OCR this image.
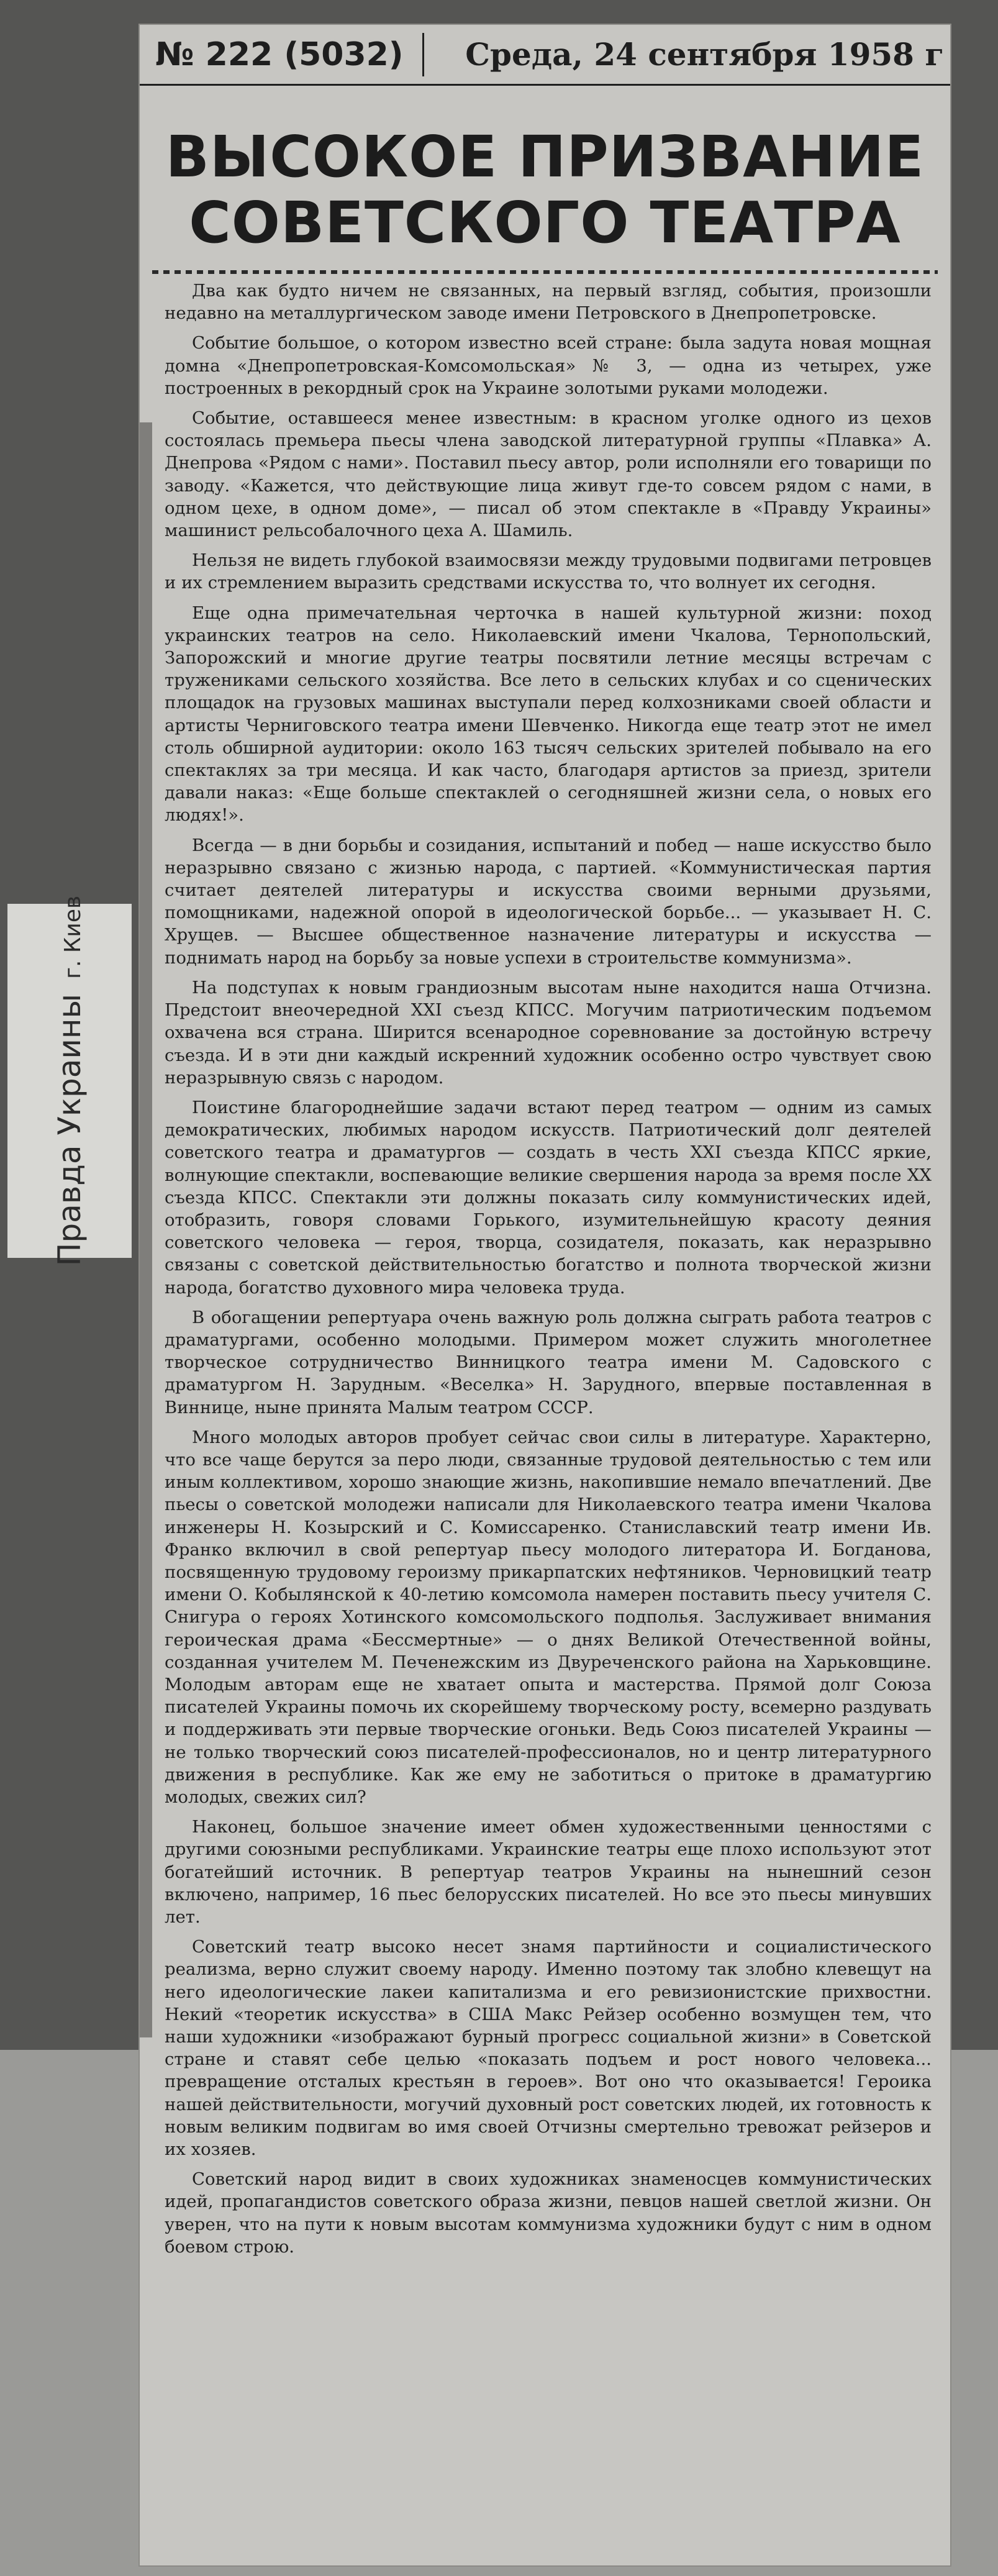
Правда Украиныг. Киев
№ 222 (5032) Среда, 24 сентября 1958 г
ВЫСОКОЕ ПРИЗВАНИЕ
СОВЕТСКОГО ТЕАТРА

Два как будто ничем не связанных, на первый взгляд, события, произошли недавно на металлургическом заводе имени Петровского в Днепропетровске.

Событие большое, о котором известно всей стране: была задута новая мощная домна «Днепропетровская-Комсомольская» № 3, — одна из четырех, уже построенных в рекордный срок на Украине золотыми руками молодежи.

Событие, оставшееся менее известным: в красном уголке одного из цехов состоялась премьера пьесы члена заводской литературной группы «Плавка» А. Днепрова «Рядом с нами». Поставил пьесу автор, роли исполняли его товарищи по заводу. «Кажется, что действующие лица живут где-то совсем рядом с нами, в одном цехе, в одном доме», — писал об этом спектакле в «Правду Украины» машинист рельсобалочного цеха А. Шамиль.

Нельзя не видеть глубокой взаимосвязи между трудовыми подвигами петровцев и их стремлением выразить средствами искусства то, что волнует их сегодня.

Еще одна примечательная черточка в нашей культурной жизни: поход украинских театров на село. Николаевский имени Чкалова, Тернопольский, Запорожский и многие другие театры посвятили летние месяцы встречам с тружениками сельского хозяйства. Все лето в сельских клубах и со сценических площадок на грузовых машинах выступали перед колхозниками своей области и артисты Черниговского театра имени Шевченко. Никогда еще театр этот не имел столь обширной аудитории: около 163 тысяч сельских зрителей побывало на его спектаклях за три месяца. И как часто, благодаря артистов за приезд, зрители давали наказ: «Еще больше спектаклей о сегодняшней жизни села, о новых его людях!».

Всегда — в дни борьбы и созидания, испытаний и побед — наше искусство было неразрывно связано с жизнью народа, с партией. «Коммунистическая партия считает деятелей литературы и искусства своими верными друзьями, помощниками, надежной опорой в идеологической борьбе... — указывает Н. С. Хрущев. — Высшее общественное назначение литературы и искусства — поднимать народ на борьбу за новые успехи в строительстве коммунизма».

На подступах к новым грандиозным высотам ныне находится наша Отчизна. Предстоит внеочередной XXI съезд КПСС. Могучим патриотическим подъемом охвачена вся страна. Ширится всенародное соревнование за достойную встречу съезда. И в эти дни каждый искренний художник особенно остро чувствует свою неразрывную связь с народом.

Поистине благороднейшие задачи встают перед театром — одним из самых демократических, любимых народом искусств. Патриотический долг деятелей советского театра и драматургов — создать в честь XXI съезда КПСС яркие, волнующие спектакли, воспевающие великие свершения народа за время после XX съезда КПСС. Спектакли эти должны показать силу коммунистических идей, отобразить, говоря словами Горького, изумительнейшую красоту деяния советского человека — героя, творца, созидателя, показать, как неразрывно связаны с советской действительностью богатство и полнота творческой жизни народа, богатство духовного мира человека труда.

В обогащении репертуара очень важную роль должна сыграть работа театров с драматургами, особенно молодыми. Примером может служить многолетнее творческое сотрудничество Винницкого театра имени М. Садовского с драматургом Н. Зарудным. «Веселка» Н. Зарудного, впервые поставленная в Виннице, ныне принята Малым театром СССР.

Много молодых авторов пробует сейчас свои силы в литературе. Характерно, что все чаще берутся за перо люди, связанные трудовой деятельностью с тем или иным коллективом, хорошо знающие жизнь, накопившие немало впечатлений. Две пьесы о советской молодежи написали для Николаевского театра имени Чкалова инженеры Н. Козырский и С. Комиссаренко. Станиславский театр имени Ив. Франко включил в свой репертуар пьесу молодого литератора И. Богданова, посвященную трудовому героизму прикарпатских нефтяников. Черновицкий театр имени О. Кобылянской к 40-летию комсомола намерен поставить пьесу учителя С. Снигура о героях Хотинского комсомольского подполья. Заслуживает внимания героическая драма «Бессмертные» — о днях Великой Отечественной войны, созданная учителем М. Печенежским из Двуреченского района на Харьковщине. Молодым авторам еще не хватает опыта и мастерства. Прямой долг Союза писателей Украины помочь их скорейшему творческому росту, всемерно раздувать и поддерживать эти первые творческие огоньки. Ведь Союз писателей Украины — не только творческий союз писателей-профессионалов, но и центр литературного движения в республике. Как же ему не заботиться о притоке в драматургию молодых, свежих сил?

Наконец, большое значение имеет обмен художественными ценностями с другими союзными республиками. Украинские театры еще плохо используют этот богатейший источник. В репертуар театров Украины на нынешний сезон включено, например, 16 пьес белорусских писателей. Но все это пьесы минувших лет.

Советский театр высоко несет знамя партийности и социалистического реализма, верно служит своему народу. Именно поэтому так злобно клевещут на него идеологические лакеи капитализма и его ревизионистские прихвостни. Некий «теоретик искусства» в США Макс Рейзер особенно возмущен тем, что наши художники «изображают бурный прогресс социальной жизни» в Советской стране и ставят себе целью «показать подъем и рост нового человека... превращение отсталых крестьян в героев». Вот оно что оказывается! Героика нашей действительности, могучий духовный рост советских людей, их готовность к новым великим подвигам во имя своей Отчизны смертельно тревожат рейзеров и их хозяев.

Советский народ видит в своих художниках знаменосцев коммунистических идей, пропагандистов советского образа жизни, певцов нашей светлой жизни. Он уверен, что на пути к новым высотам коммунизма художники будут с ним в одном боевом строю.
